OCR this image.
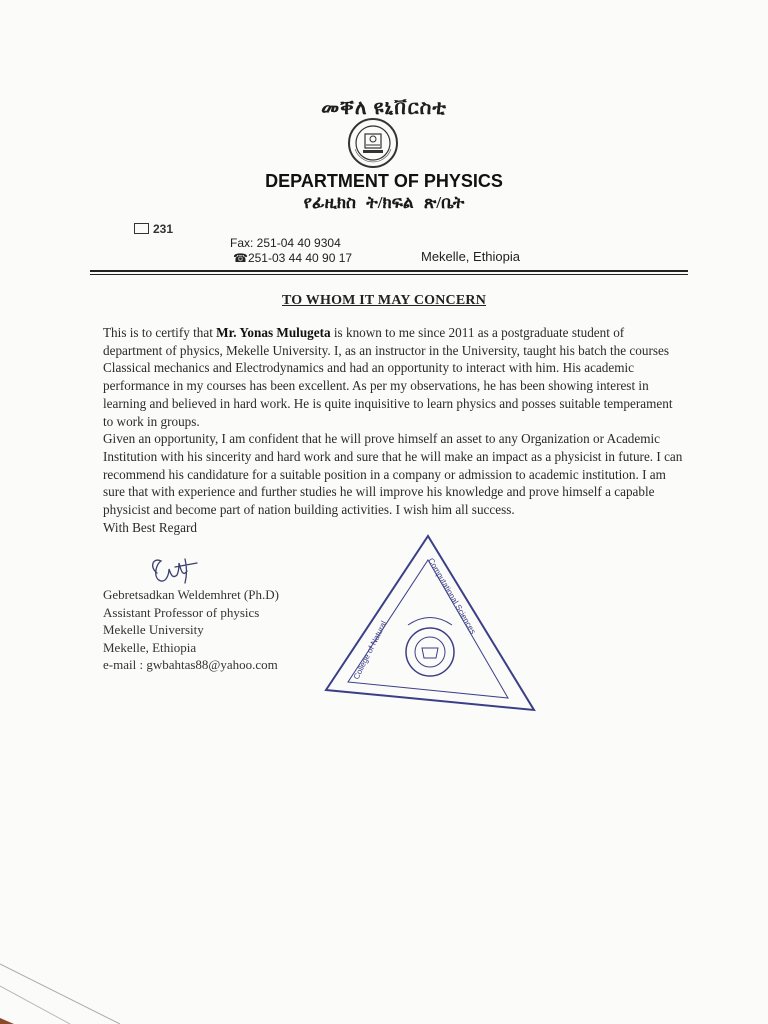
መቐለ ዩኒቨርስቲ
DEPARTMENT OF PHYSICS
የፊዚክስ ት/ክፍል ጽ/ቤት
231
Fax: 251-04 40 9304
☎251-03 44 40 90 17	Mekelle, Ethiopia
TO WHOM IT MAY CONCERN

This is to certify that Mr. Yonas Mulugeta is known to me since 2011 as a postgraduate student of department of physics, Mekelle University. I, as an instructor in the University, taught his batch the courses Classical mechanics and Electrodynamics and had an opportunity to interact with him. His academic performance in my courses has been excellent. As per my observations, he has been showing interest in learning and believed in hard work. He is quite inquisitive to learn physics and posses suitable temperament to work in groups.

Given an opportunity, I am confident that he will prove himself an asset to any Organization or Academic Institution with his sincerity and hard work and sure that he will make an impact as a physicist in future. I can recommend his candidature for a suitable position in a company or admission to academic institution. I am sure that with experience and further studies he will improve his knowledge and prove himself a capable physicist and become part of nation building activities. I wish him all success.

With Best Regard

Gebretsadkan Weldemhret (Ph.D)
Assistant Professor of physics
Mekelle University
Mekelle, Ethiopia
e-mail : gwbahtas88@yahoo.com
College of Natural
Computational Sciences
